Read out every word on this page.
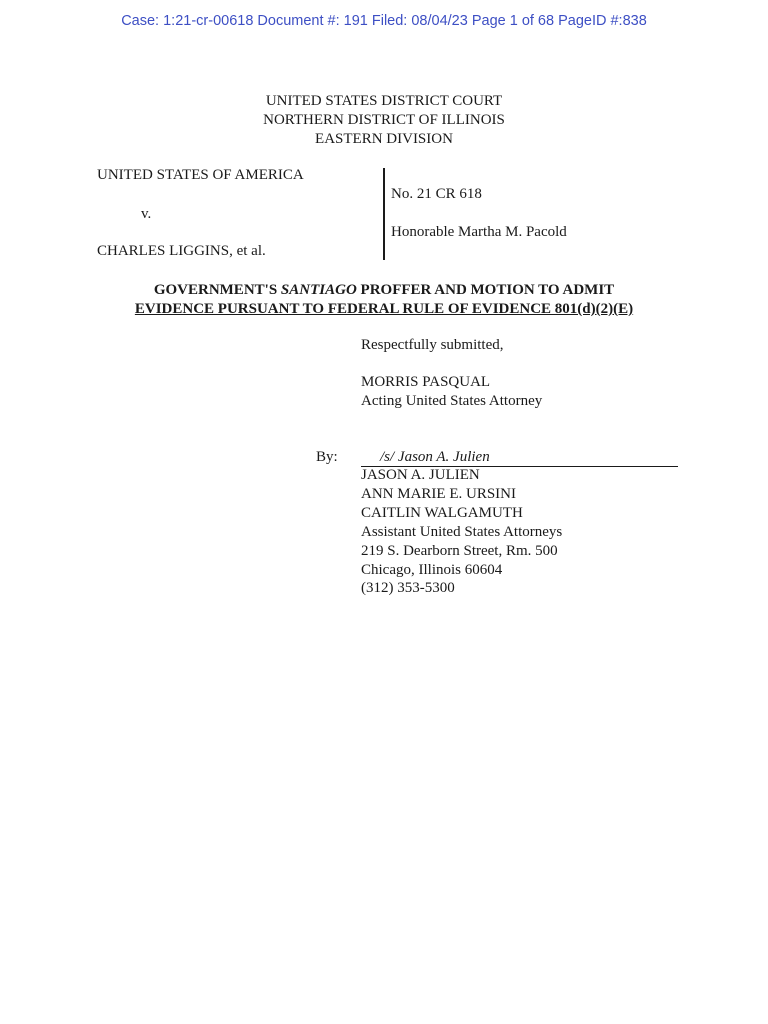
Case: 1:21-cr-00618 Document #: 191 Filed: 08/04/23 Page 1 of 68 PageID #:838
UNITED STATES DISTRICT COURT
NORTHERN DISTRICT OF ILLINOIS
EASTERN DIVISION
UNITED STATES OF AMERICA
v.
CHARLES LIGGINS, et al.
No. 21 CR 618
Honorable Martha M. Pacold
GOVERNMENT'S SANTIAGO PROFFER AND MOTION TO ADMIT
EVIDENCE PURSUANT TO FEDERAL RULE OF EVIDENCE 801(d)(2)(E)
Respectfully submitted,
MORRIS PASQUAL
Acting United States Attorney
By:	/s/ Jason A. Julien
JASON A. JULIEN
ANN MARIE E. URSINI
CAITLIN WALGAMUTH
Assistant United States Attorneys
219 S. Dearborn Street, Rm. 500
Chicago, Illinois 60604
(312) 353-5300
